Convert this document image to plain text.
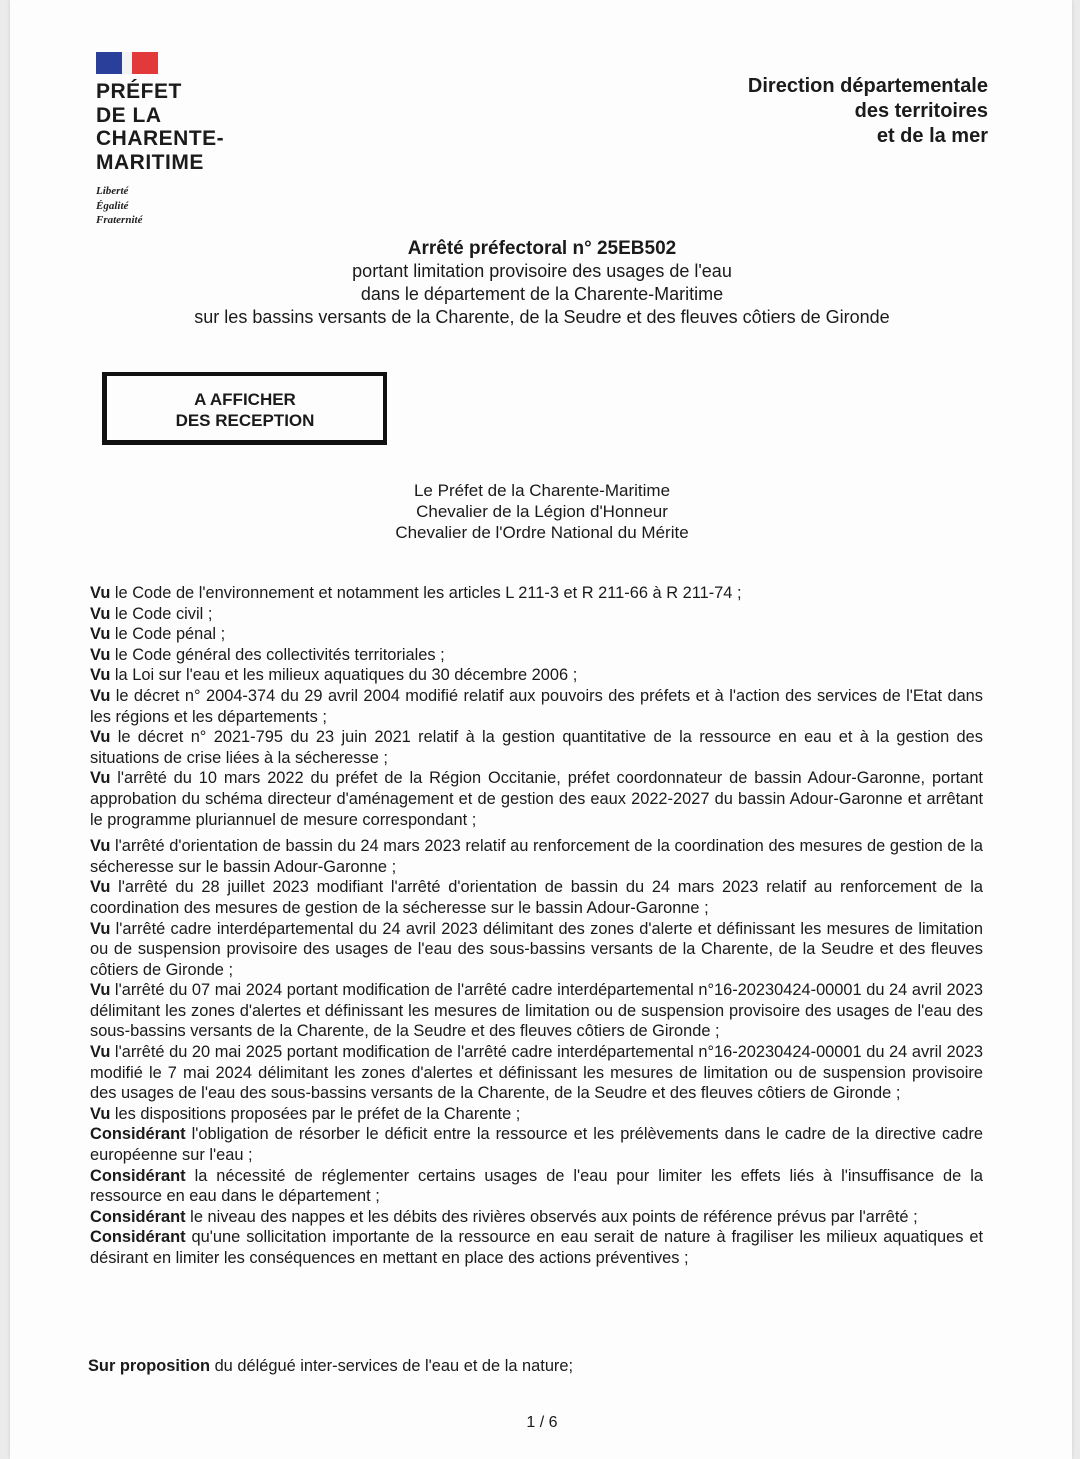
PRÉFET
DE LA
CHARENTE-
MARITIME
Liberté
Égalité
Fraternité
Direction départementale
des territoires
et de la mer
Arrêté préfectoral n° 25EB502
portant limitation provisoire des usages de l'eau
dans le département de la Charente-Maritime
sur les bassins versants de la Charente, de la Seudre et des fleuves côtiers de Gironde
A AFFICHER
DES RECEPTION
Le Préfet de la Charente-Maritime
Chevalier de la Légion d'Honneur
Chevalier de l'Ordre National du Mérite

Vu le Code de l'environnement et notamment les articles L 211-3 et R 211-66 à R 211-74 ;

Vu le Code civil ;

Vu le Code pénal ;

Vu le Code général des collectivités territoriales ;

Vu la Loi sur l'eau et les milieux aquatiques du 30 décembre 2006 ;

Vu le décret n° 2004-374 du 29 avril 2004 modifié relatif aux pouvoirs des préfets et à l'action des services de l'Etat dans les régions et les départements ;

Vu le décret n° 2021-795 du 23 juin 2021 relatif à la gestion quantitative de la ressource en eau et à la gestion des situations de crise liées à la sécheresse ;

Vu l'arrêté du 10 mars 2022 du préfet de la Région Occitanie, préfet coordonnateur de bassin Adour-Garonne, portant approbation du schéma directeur d'aménagement et de gestion des eaux 2022-2027 du bassin Adour-Garonne et arrêtant le programme pluriannuel de mesure correspondant ;

Vu l'arrêté d'orientation de bassin du 24 mars 2023 relatif au renforcement de la coordination des mesures de gestion de la sécheresse sur le bassin Adour-Garonne ;

Vu l'arrêté du 28 juillet 2023 modifiant l'arrêté d'orientation de bassin du 24 mars 2023 relatif au renforcement de la coordination des mesures de gestion de la sécheresse sur le bassin Adour-Garonne ;

Vu l'arrêté cadre interdépartemental du 24 avril 2023 délimitant des zones d'alerte et définissant les mesures de limitation ou de suspension provisoire des usages de l'eau des sous-bassins versants de la Charente, de la Seudre et des fleuves côtiers de Gironde ;

Vu l'arrêté du 07 mai 2024 portant modification de l'arrêté cadre interdépartemental n°16-20230424-00001 du 24 avril 2023 délimitant les zones d'alertes et définissant les mesures de limitation ou de suspension provisoire des usages de l'eau des sous-bassins versants de la Charente, de la Seudre et des fleuves côtiers de Gironde ;

Vu l'arrêté du 20 mai 2025 portant modification de l'arrêté cadre interdépartemental n°16-20230424-00001 du 24 avril 2023 modifié le 7 mai 2024 délimitant les zones d'alertes et définissant les mesures de limitation ou de suspension provisoire des usages de l'eau des sous-bassins versants de la Charente, de la Seudre et des fleuves côtiers de Gironde ;

Vu les dispositions proposées par le préfet de la Charente ;

Considérant l'obligation de résorber le déficit entre la ressource et les prélèvements dans le cadre de la directive cadre européenne sur l'eau ;

Considérant la nécessité de réglementer certains usages de l'eau pour limiter les effets liés à l'insuffisance de la ressource en eau dans le département ;

Considérant le niveau des nappes et les débits des rivières observés aux points de référence prévus par l'arrêté ;

Considérant qu'une sollicitation importante de la ressource en eau serait de nature à fragiliser les milieux aquatiques et désirant en limiter les conséquences en mettant en place des actions préventives ;

Sur proposition du délégué inter-services de l'eau et de la nature;
1 / 6
